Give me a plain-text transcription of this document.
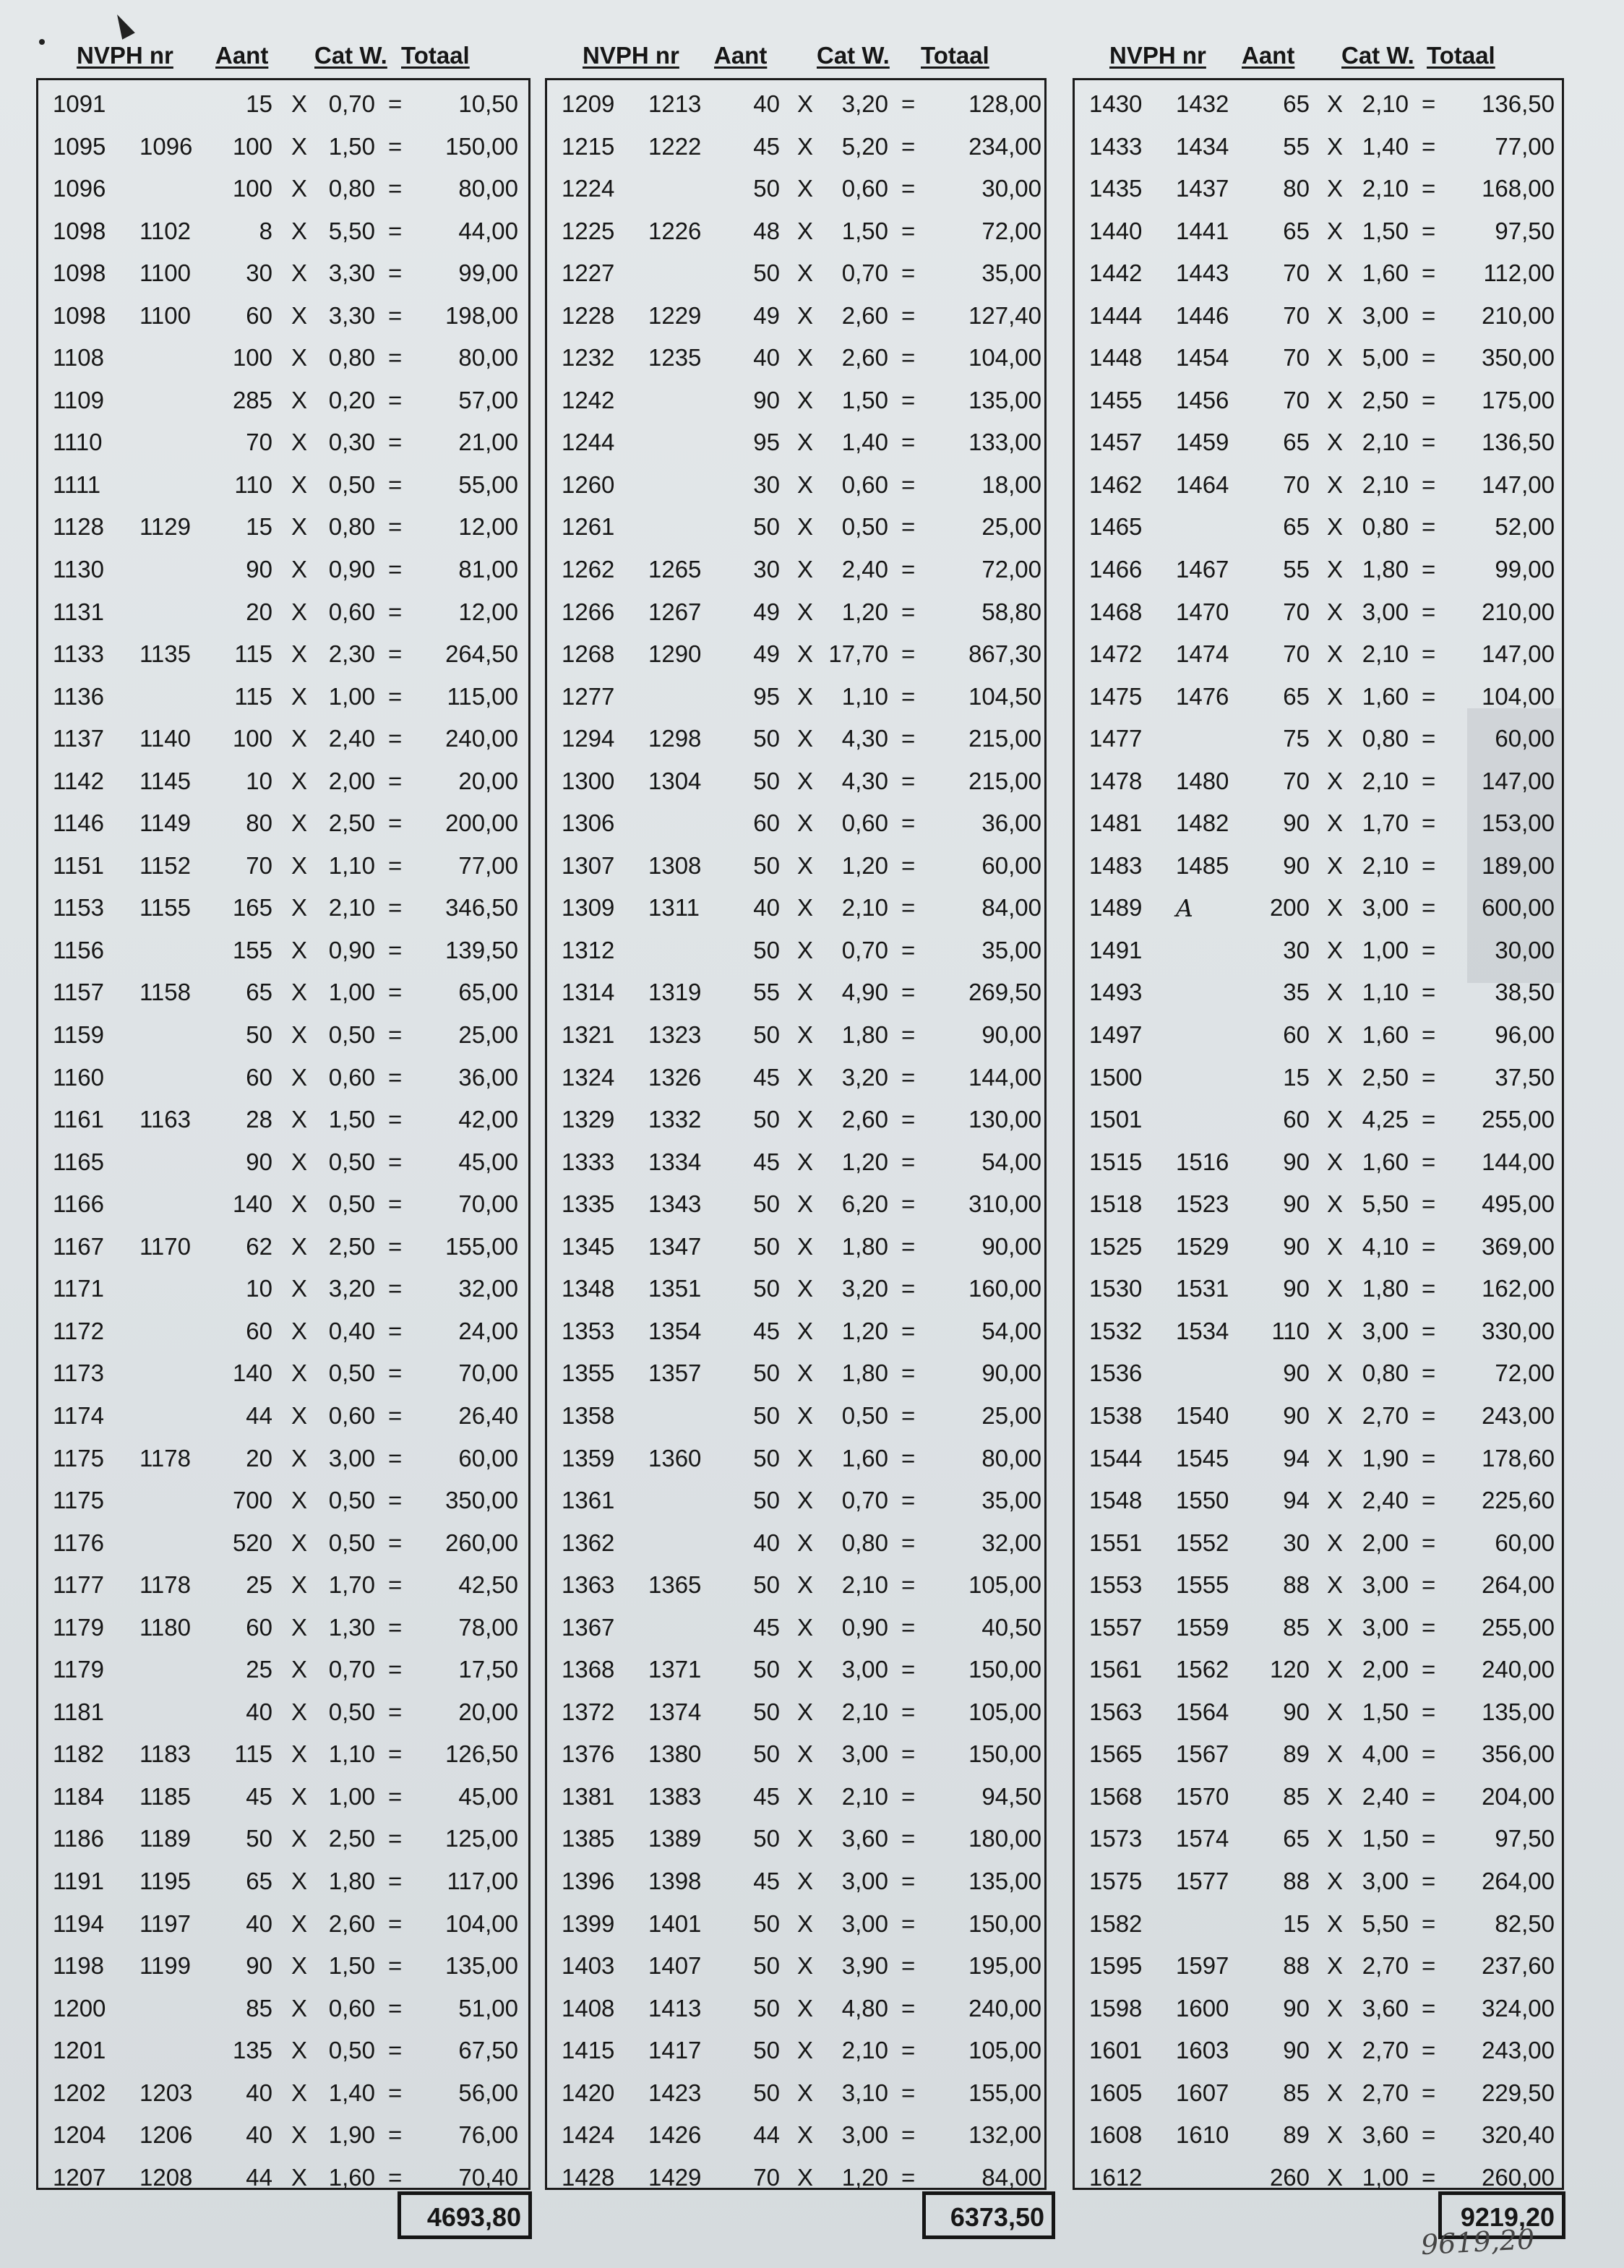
NVPH nr Aant Cat W. Totaal
1091	15 X 0,70 = 10,50
1095 1096 100 X 1,50 = 150,00
1096	100 X 0,80 = 80,00
1098 1102	8 X 5,50 = 44,00
1098 1100 30 X 3,30 = 99,00
1098 1100 60 X 3,30 = 198,00
1108	100 X 0,80 = 80,00
1109	285 X 0,20 = 57,00
1110	70 X 0,30 = 21,00
1111	110 X 0,50 = 55,00
1128 1129 15 X 0,80 = 12,00
1130	90 X 0,90 = 81,00
1131	20 X 0,60 = 12,00
1133 1135 115 X 2,30 = 264,50
1136	115 X 1,00 = 115,00
1137 1140 100 X 2,40 = 240,00
1142 1145 10 X 2,00 = 20,00
1146 1149 80 X 2,50 = 200,00
1151 1152 70 X 1,10 = 77,00
1153 1155 165 X 2,10 = 346,50
1156	155 X 0,90 = 139,50
1157 1158 65 X 1,00 = 65,00
1159	50 X 0,50 = 25,00
1160	60 X 0,60 = 36,00
1161 1163 28 X 1,50 = 42,00
1165	90 X 0,50 = 45,00
1166	140 X 0,50 = 70,00
1167 1170 62 X 2,50 = 155,00
1171	10 X 3,20 = 32,00
1172	60 X 0,40 = 24,00
1173	140 X 0,50 = 70,00
1174	44 X 0,60 = 26,40
1175 1178 20 X 3,00 = 60,00
1175	700 X 0,50 = 350,00
1176	520 X 0,50 = 260,00
1177 1178 25 X 1,70 = 42,50
1179 1180 60 X 1,30 = 78,00
1179	25 X 0,70 = 17,50
1181	40 X 0,50 = 20,00
1182 1183 115 X 1,10 = 126,50
1184 1185 45 X 1,00 = 45,00
1186 1189 50 X 2,50 = 125,00
1191 1195 65 X 1,80 = 117,00
1194 1197 40 X 2,60 = 104,00
1198 1199 90 X 1,50 = 135,00
1200	85 X 0,60 = 51,00
1201	135 X 0,50 = 67,50
1202 1203 40 X 1,40 = 56,00
1204 1206 40 X 1,90 = 76,00
1207 1208 44 X 1,60 = 70,40
4693,80
NVPH nr Aant Cat W. Totaal
1209 1213 40 X 3,20 = 128,00
1215 1222 45 X 5,20 = 234,00
1224	50 X 0,60 =	30,00
1225 1226 48 X 1,50 =	72,00
1227	50 X 0,70 =	35,00
1228 1229 49 X 2,60 = 127,40
1232 1235 40 X 2,60 = 104,00
1242	90 X 1,50 = 135,00
1244	95 X 1,40 = 133,00
1260	30 X 0,60 =	18,00
1261	50 X 0,50 =	25,00
1262 1265 30 X 2,40 =	72,00
1266 1267 49 X 1,20 =	58,80
1268 1290 49 X 17,70 = 867,30
1277	95 X 1,10 = 104,50
1294 1298 50 X 4,30 = 215,00
1300 1304 50 X 4,30 = 215,00
1306	60 X 0,60 =	36,00
1307 1308 50 X 1,20 =	60,00
1309 1311 40 X 2,10 =	84,00
1312	50 X 0,70 =	35,00
1314 1319 55 X 4,90 = 269,50
1321 1323 50 X 1,80 =	90,00
1324 1326 45 X 3,20 = 144,00
1329 1332 50 X 2,60 = 130,00
1333 1334 45 X 1,20 =	54,00
1335 1343 50 X 6,20 = 310,00
1345 1347 50 X 1,80 =	90,00
1348 1351 50 X 3,20 = 160,00
1353 1354 45 X 1,20 =	54,00
1355 1357 50 X 1,80 =	90,00
1358	50 X 0,50 =	25,00
1359 1360 50 X 1,60 =	80,00
1361	50 X 0,70 =	35,00
1362	40 X 0,80 =	32,00
1363 1365 50 X 2,10 = 105,00
1367	45 X 0,90 =	40,50
1368 1371 50 X 3,00 = 150,00
1372 1374 50 X 2,10 = 105,00
1376 1380 50 X 3,00 = 150,00
1381 1383 45 X 2,10 =	94,50
1385 1389 50 X 3,60 = 180,00
1396 1398 45 X 3,00 = 135,00
1399 1401 50 X 3,00 = 150,00
1403 1407 50 X 3,90 = 195,00
1408 1413 50 X 4,80 = 240,00
1415 1417 50 X 2,10 = 105,00
1420 1423 50 X 3,10 = 155,00
1424 1426 44 X 3,00 = 132,00
1428 1429 70 X 1,20 =	84,00
6373,50
NVPH nr Aant Cat W. Totaal
1430 1432 65 X 2,10 = 136,50
1433 1434 55 X 1,40 = 77,00
1435 1437 80 X 2,10 = 168,00
1440 1441 65 X 1,50 = 97,50
1442 1443 70 X 1,60 = 112,00
1444 1446 70 X 3,00 = 210,00
1448 1454 70 X 5,00 = 350,00
1455 1456 70 X 2,50 = 175,00
1457 1459 65 X 2,10 = 136,50
1462 1464 70 X 2,10 = 147,00
1465	65 X 0,80 = 52,00
1466 1467 55 X 1,80 = 99,00
1468 1470 70 X 3,00 = 210,00
1472 1474 70 X 2,10 = 147,00
1475 1476 65 X 1,60 = 104,00
1477	75 X 0,80 = 60,00
1478 1480 70 X 2,10 = 147,00
1481 1482 90 X 1,70 = 153,00
1483 1485 90 X 2,10 = 189,00
1489 A	200 X 3,00 = 600,00
1491	30 X 1,00 = 30,00
1493	35 X 1,10 = 38,50
1497	60 X 1,60 = 96,00
1500	15 X 2,50 = 37,50
1501	60 X 4,25 = 255,00
1515 1516 90 X 1,60 = 144,00
1518 1523 90 X 5,50 = 495,00
1525 1529 90 X 4,10 = 369,00
1530 1531 90 X 1,80 = 162,00
1532 1534 110 X 3,00 = 330,00
1536	90 X 0,80 = 72,00
1538 1540 90 X 2,70 = 243,00
1544 1545 94 X 1,90 = 178,60
1548 1550 94 X 2,40 = 225,60
1551 1552 30 X 2,00 = 60,00
1553 1555 88 X 3,00 = 264,00
1557 1559 85 X 3,00 = 255,00
1561 1562 120 X 2,00 = 240,00
1563 1564 90 X 1,50 = 135,00
1565 1567 89 X 4,00 = 356,00
1568 1570 85 X 2,40 = 204,00
1573 1574 65 X 1,50 = 97,50
1575 1577 88 X 3,00 = 264,00
1582	15 X 5,50 = 82,50
1595 1597 88 X 2,70 = 237,60
1598 1600 90 X 3,60 = 324,00
1601 1603 90 X 2,70 = 243,00
1605 1607 85 X 2,70 = 229,50
1608 1610 89 X 3,60 = 320,40
1612	260 X 1,00 = 260,00
9219,20
9619,20
